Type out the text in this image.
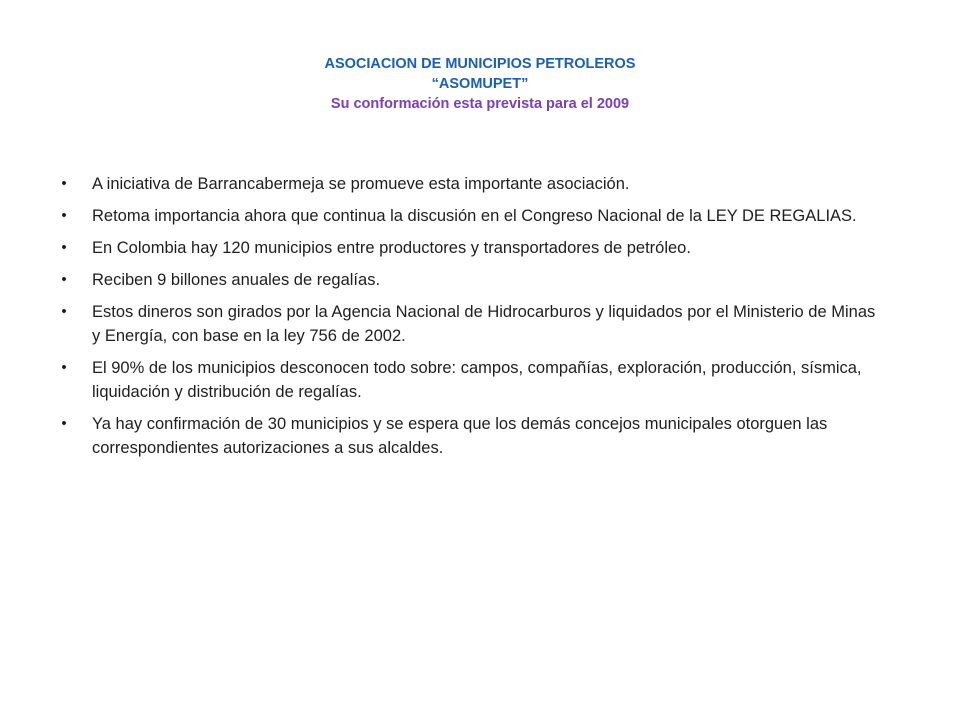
ASOCIACION DE MUNICIPIOS PETROLEROS
“ASOMUPET”
Su conformación esta prevista para el 2009
• A iniciativa de Barrancabermeja se promueve esta importante asociación.
• Retoma importancia ahora que continua la discusión en el Congreso Nacional de la LEY DE REGALIAS.
• En Colombia hay 120 municipios entre productores y transportadores de petróleo.
• Reciben 9 billones anuales de regalías.
• Estos dineros son girados por la Agencia Nacional de Hidrocarburos y liquidados por el Ministerio de Minas y Energía, con base en la ley 756 de 2002.
• El 90% de los municipios desconocen todo sobre: campos, compañías, exploración, producción, sísmica, liquidación y distribución de regalías.
• Ya hay confirmación de 30 municipios y se espera que los demás concejos municipales otorguen las correspondientes autorizaciones a sus alcaldes.
